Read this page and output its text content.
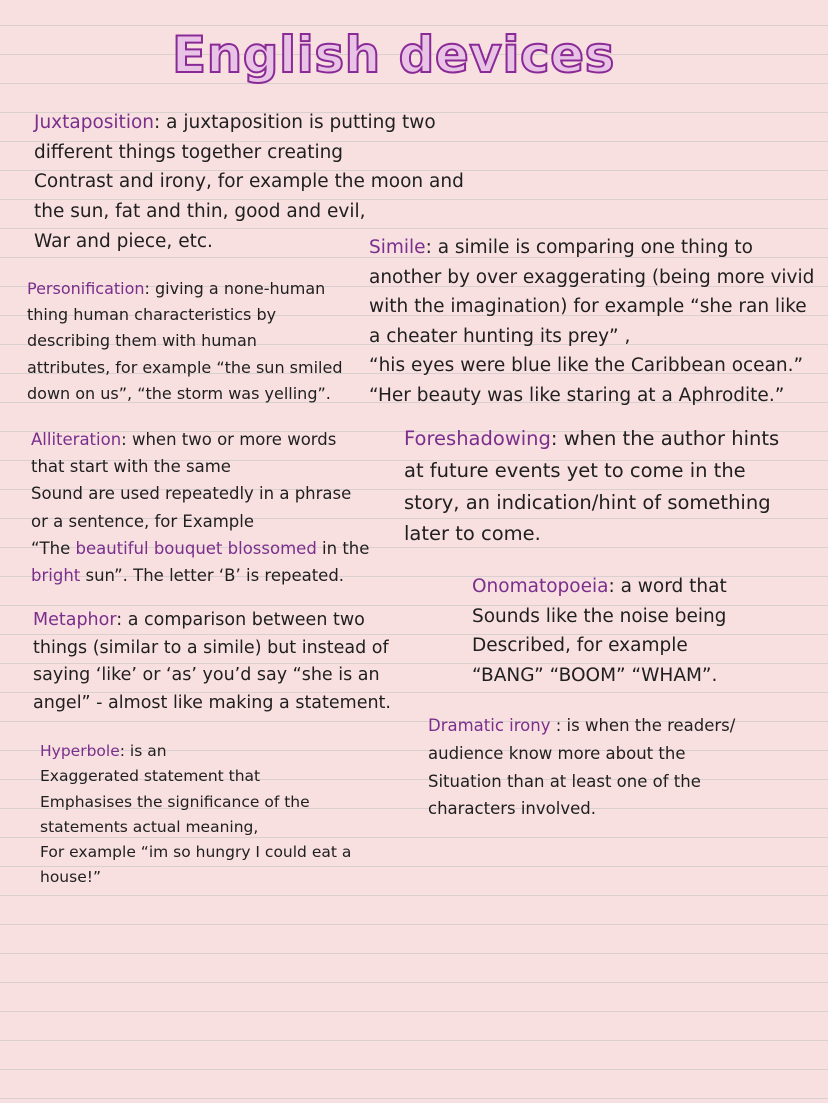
English devices
Juxtaposition: a juxtaposition is putting two
different things together creating
Contrast and irony, for example the moon and
the sun, fat and thin, good and evil,
War and piece, etc.
Personification: giving a none-human
thing human characteristics by
describing them with human
attributes, for example “the sun smiled
down on us”, “the storm was yelling”.
Simile: a simile is comparing one thing to
another by over exaggerating (being more vivid
with the imagination) for example “she ran like
a cheater hunting its prey” ,
“his eyes were blue like the Caribbean ocean.”
“Her beauty was like staring at a Aphrodite.”
Alliteration: when two or more words
that start with the same
Sound are used repeatedly in a phrase
or a sentence, for Example
“The beautiful bouquet blossomed in the
bright sun”. The letter ‘B’ is repeated.
Foreshadowing: when the author hints
at future events yet to come in the
story, an indication/hint of something
later to come.
Onomatopoeia: a word that
Sounds like the noise being
Described, for example
“BANG” “BOOM” “WHAM”.
Metaphor: a comparison between two
things (similar to a simile) but instead of
saying ‘like’ or ‘as’ you’d say “she is an
angel” - almost like making a statement.
Dramatic irony : is when the readers/
audience know more about the
Situation than at least one of the
characters involved.
Hyperbole: is an
Exaggerated statement that
Emphasises the significance of the
statements actual meaning,
For example “im so hungry I could eat a
house!”
